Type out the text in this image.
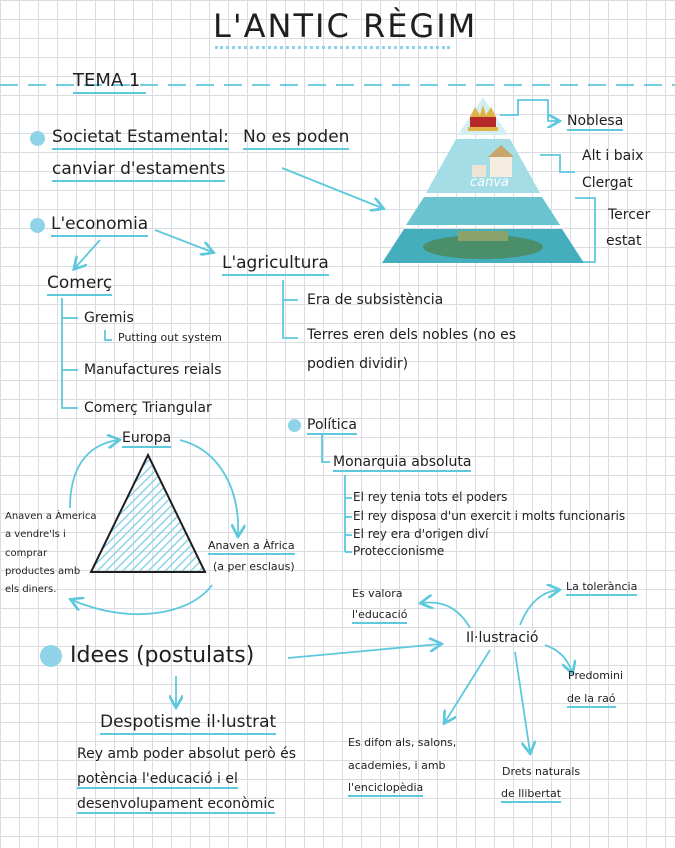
L'ANTIC RÈGIM
TEMA 1
Societat Estamental: No es poden
canviar d'estaments
canva
Noblesa
Alt i baix
Clergat
Tercer
estat
L'economia
Comerç
Gremis
Putting out system
Manufactures reials
Comerç Triangular
L'agricultura
Era de subsistència
Terres eren dels nobles (no es
podien dividir)
Europa
Anaven a Àmerica
a vendre'ls i
comprar
productes amb
els diners.
Anaven a Àfrica
(a per esclaus)
Política
Monarquia absoluta
El rey tenia tots el poders
El rey disposa d'un exercit i molts funcionaris
El rey era d'origen diví
Proteccionisme
Idees (postulats)
Despotisme il·lustrat
Rey amb poder absolut però és
potència l'educació i el
desenvolupament econòmic
Il·lustració
Es valora
l'educació
La tolerància
Predomini
de la raó
Es difon als, salons,
academies, i amb
l'enciclopèdia
Drets naturals
de llibertat
